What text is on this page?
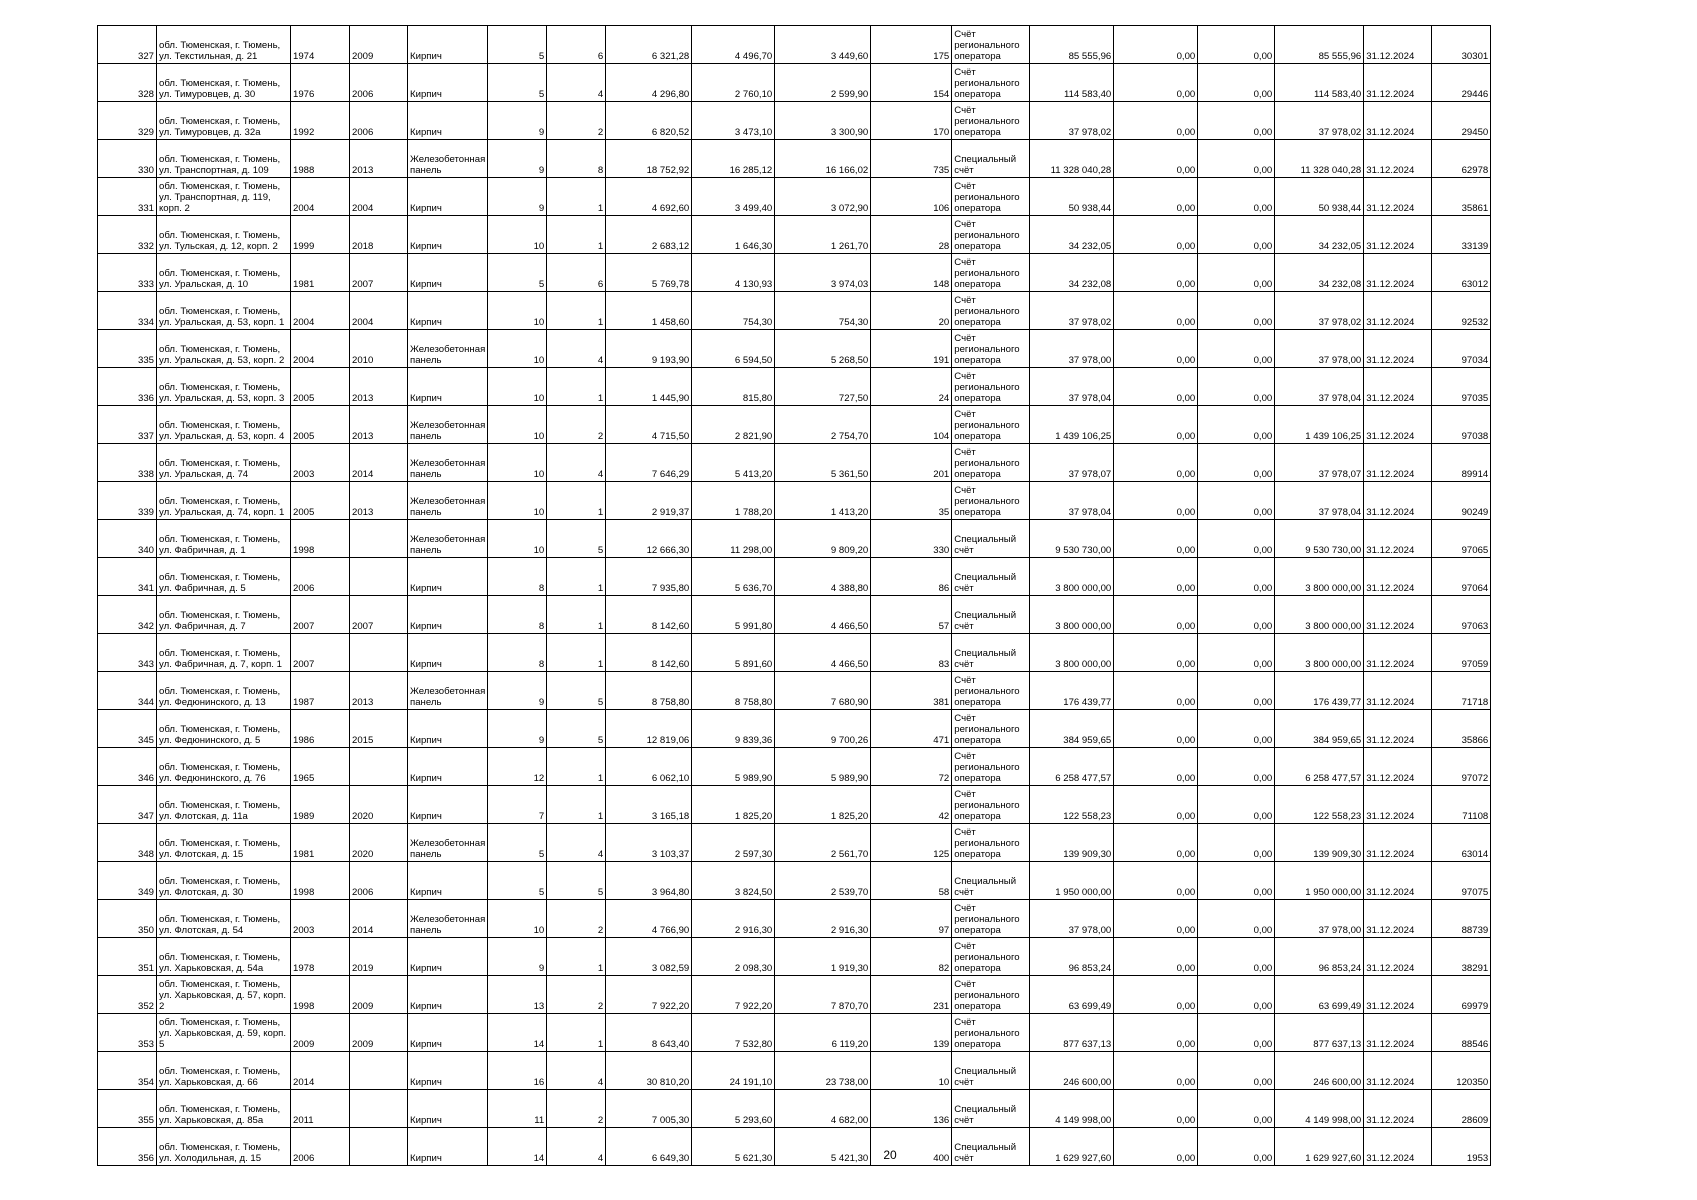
327	обл. Тюменская, г. Тюмень, ул. Текстильная, д. 21	1974	2009	Кирпич	5	6	6 321,28	4 496,70	3 449,60	175	Счёт регионального оператора	85 555,96	0,00	0,00	85 555,96	31.12.2024	30301
328	обл. Тюменская, г. Тюмень, ул. Тимуровцев, д. 30	1976	2006	Кирпич	5	4	4 296,80	2 760,10	2 599,90	154	Счёт регионального оператора	114 583,40	0,00	0,00	114 583,40	31.12.2024	29446
329	обл. Тюменская, г. Тюмень, ул. Тимуровцев, д. 32а	1992	2006	Кирпич	9	2	6 820,52	3 473,10	3 300,90	170	Счёт регионального оператора	37 978,02	0,00	0,00	37 978,02	31.12.2024	29450
330	обл. Тюменская, г. Тюмень, ул. Транспортная, д. 109	1988	2013	Железобетонная панель	9	8	18 752,92	16 285,12	16 166,02	735	Специальный счёт	11 328 040,28	0,00	0,00	11 328 040,28	31.12.2024	62978
331	обл. Тюменская, г. Тюмень, ул. Транспортная, д. 119, корп. 2	2004	2004	Кирпич	9	1	4 692,60	3 499,40	3 072,90	106	Счёт регионального оператора	50 938,44	0,00	0,00	50 938,44	31.12.2024	35861
332	обл. Тюменская, г. Тюмень, ул. Тульская, д. 12, корп. 2	1999	2018	Кирпич	10	1	2 683,12	1 646,30	1 261,70	28	Счёт регионального оператора	34 232,05	0,00	0,00	34 232,05	31.12.2024	33139
333	обл. Тюменская, г. Тюмень, ул. Уральская, д. 10	1981	2007	Кирпич	5	6	5 769,78	4 130,93	3 974,03	148	Счёт регионального оператора	34 232,08	0,00	0,00	34 232,08	31.12.2024	63012
334	обл. Тюменская, г. Тюмень, ул. Уральская, д. 53, корп. 1	2004	2004	Кирпич	10	1	1 458,60	754,30	754,30	20	Счёт регионального оператора	37 978,02	0,00	0,00	37 978,02	31.12.2024	92532
335	обл. Тюменская, г. Тюмень, ул. Уральская, д. 53, корп. 2	2004	2010	Железобетонная панель	10	4	9 193,90	6 594,50	5 268,50	191	Счёт регионального оператора	37 978,00	0,00	0,00	37 978,00	31.12.2024	97034
336	обл. Тюменская, г. Тюмень, ул. Уральская, д. 53, корп. 3	2005	2013	Кирпич	10	1	1 445,90	815,80	727,50	24	Счёт регионального оператора	37 978,04	0,00	0,00	37 978,04	31.12.2024	97035
337	обл. Тюменская, г. Тюмень, ул. Уральская, д. 53, корп. 4	2005	2013	Железобетонная панель	10	2	4 715,50	2 821,90	2 754,70	104	Счёт регионального оператора	1 439 106,25	0,00	0,00	1 439 106,25	31.12.2024	97038
338	обл. Тюменская, г. Тюмень, ул. Уральская, д. 74	2003	2014	Железобетонная панель	10	4	7 646,29	5 413,20	5 361,50	201	Счёт регионального оператора	37 978,07	0,00	0,00	37 978,07	31.12.2024	89914
339	обл. Тюменская, г. Тюмень, ул. Уральская, д. 74, корп. 1	2005	2013	Железобетонная панель	10	1	2 919,37	1 788,20	1 413,20	35	Счёт регионального оператора	37 978,04	0,00	0,00	37 978,04	31.12.2024	90249
340	обл. Тюменская, г. Тюмень, ул. Фабричная, д. 1	1998		Железобетонная панель	10	5	12 666,30	11 298,00	9 809,20	330	Специальный счёт	9 530 730,00	0,00	0,00	9 530 730,00	31.12.2024	97065
341	обл. Тюменская, г. Тюмень, ул. Фабричная, д. 5	2006		Кирпич	8	1	7 935,80	5 636,70	4 388,80	86	Специальный счёт	3 800 000,00	0,00	0,00	3 800 000,00	31.12.2024	97064
342	обл. Тюменская, г. Тюмень, ул. Фабричная, д. 7	2007	2007	Кирпич	8	1	8 142,60	5 991,80	4 466,50	57	Специальный счёт	3 800 000,00	0,00	0,00	3 800 000,00	31.12.2024	97063
343	обл. Тюменская, г. Тюмень, ул. Фабричная, д. 7, корп. 1	2007		Кирпич	8	1	8 142,60	5 891,60	4 466,50	83	Специальный счёт	3 800 000,00	0,00	0,00	3 800 000,00	31.12.2024	97059
344	обл. Тюменская, г. Тюмень, ул. Федюнинского, д. 13	1987	2013	Железобетонная панель	9	5	8 758,80	8 758,80	7 680,90	381	Счёт регионального оператора	176 439,77	0,00	0,00	176 439,77	31.12.2024	71718
345	обл. Тюменская, г. Тюмень, ул. Федюнинского, д. 5	1986	2015	Кирпич	9	5	12 819,06	9 839,36	9 700,26	471	Счёт регионального оператора	384 959,65	0,00	0,00	384 959,65	31.12.2024	35866
346	обл. Тюменская, г. Тюмень, ул. Федюнинского, д. 76	1965		Кирпич	12	1	6 062,10	5 989,90	5 989,90	72	Счёт регионального оператора	6 258 477,57	0,00	0,00	6 258 477,57	31.12.2024	97072
347	обл. Тюменская, г. Тюмень, ул. Флотская, д. 11а	1989	2020	Кирпич	7	1	3 165,18	1 825,20	1 825,20	42	Счёт регионального оператора	122 558,23	0,00	0,00	122 558,23	31.12.2024	71108
348	обл. Тюменская, г. Тюмень, ул. Флотская, д. 15	1981	2020	Железобетонная панель	5	4	3 103,37	2 597,30	2 561,70	125	Счёт регионального оператора	139 909,30	0,00	0,00	139 909,30	31.12.2024	63014
349	обл. Тюменская, г. Тюмень, ул. Флотская, д. 30	1998	2006	Кирпич	5	5	3 964,80	3 824,50	2 539,70	58	Специальный счёт	1 950 000,00	0,00	0,00	1 950 000,00	31.12.2024	97075
350	обл. Тюменская, г. Тюмень, ул. Флотская, д. 54	2003	2014	Железобетонная панель	10	2	4 766,90	2 916,30	2 916,30	97	Счёт регионального оператора	37 978,00	0,00	0,00	37 978,00	31.12.2024	88739
351	обл. Тюменская, г. Тюмень, ул. Харьковская, д. 54а	1978	2019	Кирпич	9	1	3 082,59	2 098,30	1 919,30	82	Счёт регионального оператора	96 853,24	0,00	0,00	96 853,24	31.12.2024	38291
352	обл. Тюменская, г. Тюмень, ул. Харьковская, д. 57, корп. 2	1998	2009	Кирпич	13	2	7 922,20	7 922,20	7 870,70	231	Счёт регионального оператора	63 699,49	0,00	0,00	63 699,49	31.12.2024	69979
353	обл. Тюменская, г. Тюмень, ул. Харьковская, д. 59, корп. 5	2009	2009	Кирпич	14	1	8 643,40	7 532,80	6 119,20	139	Счёт регионального оператора	877 637,13	0,00	0,00	877 637,13	31.12.2024	88546
354	обл. Тюменская, г. Тюмень, ул. Харьковская, д. 66	2014		Кирпич	16	4	30 810,20	24 191,10	23 738,00	10	Специальный счёт	246 600,00	0,00	0,00	246 600,00	31.12.2024	120350
355	обл. Тюменская, г. Тюмень, ул. Харьковская, д. 85а	2011		Кирпич	11	2	7 005,30	5 293,60	4 682,00	136	Специальный счёт	4 149 998,00	0,00	0,00	4 149 998,00	31.12.2024	28609
356	обл. Тюменская, г. Тюмень, ул. Холодильная, д. 15	2006		Кирпич	14	4	6 649,30	5 621,30	5 421,30	400	Специальный счёт	1 629 927,60	0,00	0,00	1 629 927,60	31.12.2024	1953
20
